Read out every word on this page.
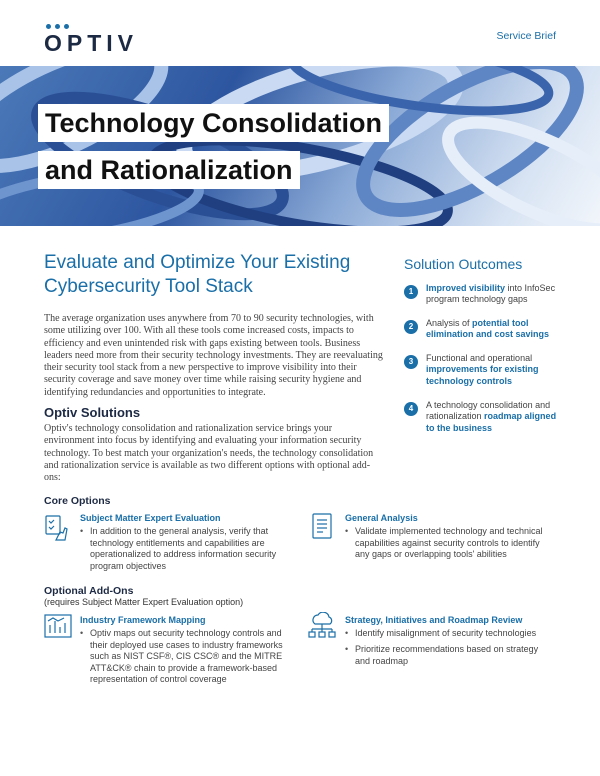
OPTIV	Service Brief
Technology Consolidation
and Rationalization
Evaluate and Optimize Your Existing Cybersecurity Tool Stack
The average organization uses anywhere from 70 to 90 security technologies, with some utilizing over 100. With all these tools come increased costs, impacts to efficiency and even unintended risk with gaps existing between tools. Business leaders need more from their security technology investments. They are reevaluating their security tool stack from a new perspective to improve visibility into their security coverage and save money over time while raising security hygiene and identifying redundancies and opportunities to integrate.
Optiv Solutions
Optiv's technology consolidation and rationalization service brings your environment into focus by identifying and evaluating your information security technology. To best match your organization's needs, the technology consolidation and rationalization service is available as two different options with optional add-ons:
Solution Outcomes
1	Improved visibility into InfoSec program technology gaps
2	Analysis of potential tool elimination and cost savings
3	Functional and operational improvements for existing technology controls
4	A technology consolidation and rationalization roadmap aligned to the business
Core Options
Subject Matter Expert Evaluation
• In addition to the general analysis, verify that technology entitlements and capabilities are operationalized to address information security program objectives
General Analysis
• Validate implemented technology and technical capabilities against security controls to identify any gaps or overlapping tools' abilities
Optional Add-Ons
(requires Subject Matter Expert Evaluation option)
Industry Framework Mapping
• Optiv maps out security technology controls and their deployed use cases to industry frameworks such as NIST CSF®, CIS CSC® and the MITRE ATT&CK® chain to provide a framework-based representation of control coverage
Strategy, Initiatives and Roadmap Review
• Identify misalignment of security technologies
• Prioritize recommendations based on strategy and roadmap
